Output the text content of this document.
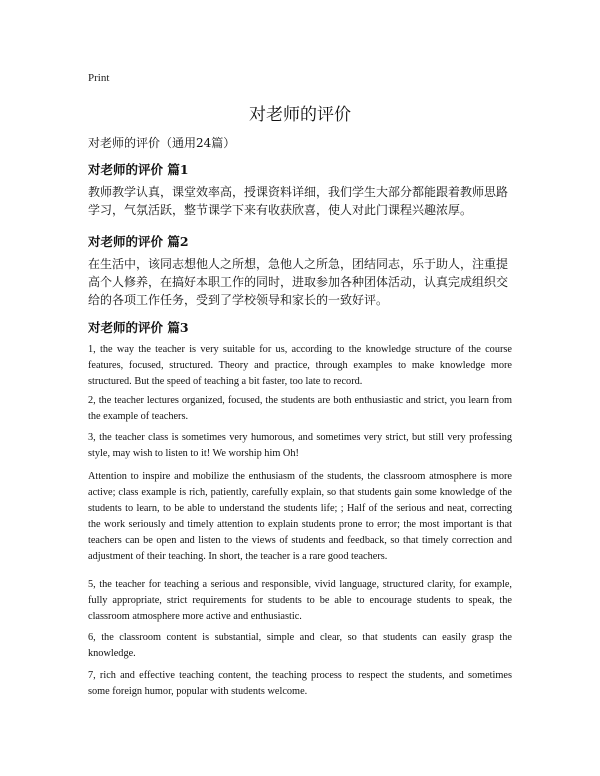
Print
对老师的评价

对老师的评价（通用24篇）

对老师的评价 篇1

教师教学认真，课堂效率高，授课资料详细，我们学生大部分都能跟着教师思路学习，气氛活跃，整节课学下来有收获欣喜，使人对此门课程兴趣浓厚。

对老师的评价 篇2

在生活中，该同志想他人之所想，急他人之所急，团结同志，乐于助人，注重提高个人修养，在搞好本职工作的同时，进取参加各种团体活动，认真完成组织交给的各项工作任务，受到了学校领导和家长的一致好评。

对老师的评价 篇3

1, the way the teacher is very suitable for us, according to the knowledge structure of the course features, focused, structured. Theory and practice, through examples to make knowledge more structured. But the speed of teaching a bit faster, too late to record.

2, the teacher lectures organized, focused, the students are both enthusiastic and strict, you learn from the example of teachers.

3, the teacher class is sometimes very humorous, and sometimes very strict, but still very professing style, may wish to listen to it! We worship him Oh!

Attention to inspire and mobilize the enthusiasm of the students, the classroom atmosphere is more active; class example is rich, patiently, carefully explain, so that students gain some knowledge of the students to learn, to be able to understand the students life; ; Half of the serious and neat, correcting the work seriously and timely attention to explain students prone to error; the most important is that teachers can be open and listen to the views of students and feedback, so that timely correction and adjustment of their teaching. In short, the teacher is a rare good teachers.

5, the teacher for teaching a serious and responsible, vivid language, structured clarity, for example, fully appropriate, strict requirements for students to be able to encourage students to speak, the classroom atmosphere more active and enthusiastic.

6, the classroom content is substantial, simple and clear, so that students can easily grasp the knowledge.

7, rich and effective teaching content, the teaching process to respect the students, and sometimes some foreign humor, popular with students welcome.
